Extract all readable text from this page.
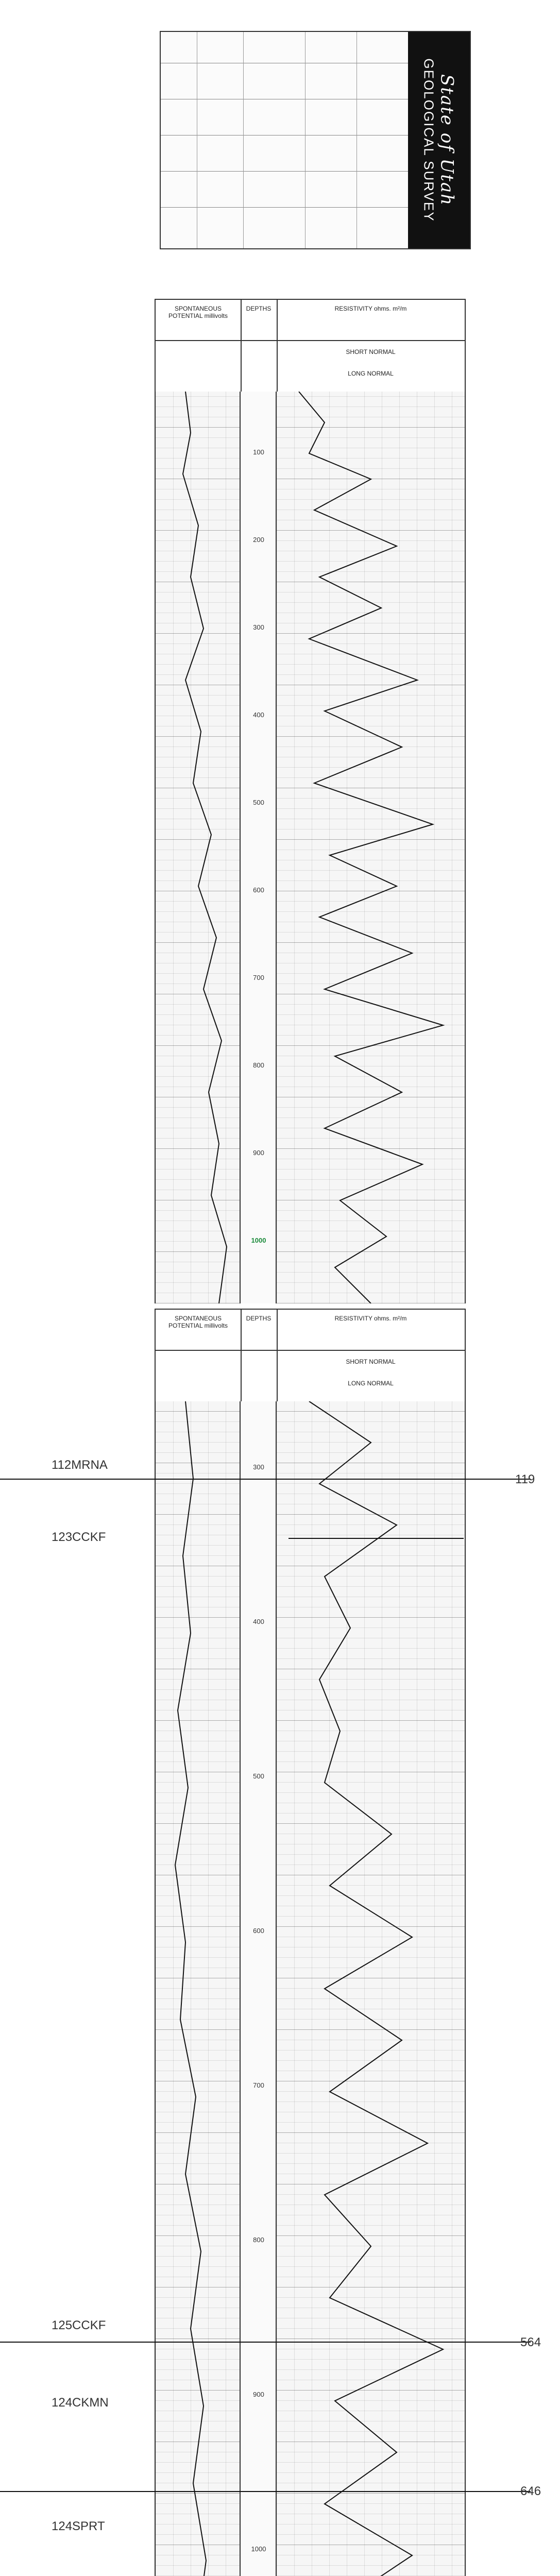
State of Utah
GEOLOGICAL SURVEY
SPONTANEOUS POTENTIAL millivolts
DEPTHS	RESISTIVITY ohms. m²/m
SHORT NORMAL
LONG NORMAL
100
200
300
400
500
600
700
800
900
1000
SPONTANEOUS POTENTIAL millivolts
DEPTHS	RESISTIVITY ohms. m²/m
SHORT NORMAL
LONG NORMAL
300
400
500
600
700
800
900
1000
112MRNA
119
123CCKF
125CCKF
564
124CKMN
124SPRT
646
